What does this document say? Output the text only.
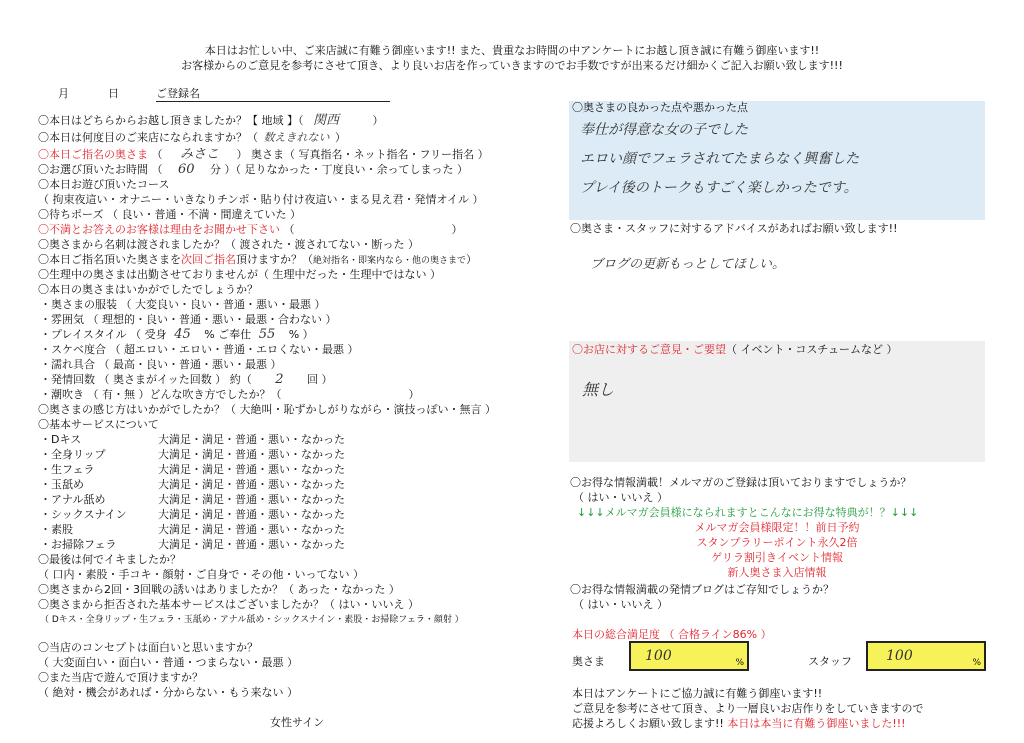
本日はお忙しい中、ご来店誠に有難う御座います!! また、貴重なお時間の中アンケートにお越し頂き誠に有難う御座います!!
お客様からのご意見を参考にさせて頂き、より良いお店を作っていきますのでお手数ですが出来るだけ細かくご記入お願い致します!!!
月	日	ご登録名
〇本日はどちらからお越し頂きましたか？【 地域 】（ 関西	）
〇本日は何度目のご来店になられますか？（ 数えきれない ）
〇本日ご指名の奥さま （ みさこ ） 奥さま（ 写真指名・ネット指名・フリー指名 ）
〇お選び頂いたお時間 （ 60 分 ）（ 足りなかった・丁度良い・余ってしまった ）
〇本日お遊び頂いたコース
（ 拘束夜這い・オナニー・いきなりチンポ・貼り付け夜這い・まる見え君・発情オイル ）
〇待ちポーズ （ 良い・普通・不満・間違えていた ）
〇不満とお答えのお客様は理由をお聞かせ下さい （	）
〇奥さまから名刺は渡されましたか？（ 渡された・渡されてない・断った ）
〇本日ご指名頂いた奥さまを次回ご指名頂けますか？（絶対指名・即案内なら・他の奥さまで）
〇生理中の奥さまは出勤させておりませんが（ 生理中だった・生理中ではない ）
〇本日の奥さまはいかがでしたでしょうか？
・奥さまの服装 （ 大変良い・良い・普通・悪い・最悪 ）
・雰囲気 （ 理想的・良い・普通・悪い・最悪・合わない ）
・プレイスタイル （ 受身 45 % ご奉仕 55 % ）
・スケベ度合 （ 超エロい・エロい・普通・エロくない・最悪 ）
・濡れ具合 （ 最高・良い・普通・悪い・最悪 ）
・発情回数 （ 奥さまがイッた回数 ） 約（ 2 回 ）
・潮吹き （ 有・無 ）どんな吹き方でしたか？（	）
〇奥さまの感じ方はいかがでしたか？（ 大絶叫・恥ずかしがりながら・演技っぽい・無言 ）
〇基本サービスについて
・Dキス	大満足・満足・普通・悪い・なかった
・全身リップ	大満足・満足・普通・悪い・なかった
・生フェラ	大満足・満足・普通・悪い・なかった
・玉舐め	大満足・満足・普通・悪い・なかった
・アナル舐め	大満足・満足・普通・悪い・なかった
・シックスナイン	大満足・満足・普通・悪い・なかった
・素股	大満足・満足・普通・悪い・なかった
・お掃除フェラ	大満足・満足・普通・悪い・なかった
〇最後は何でイキましたか？
（ 口内・素股・手コキ・顔射・ご自身で・その他・いってない ）
〇奥さまから2回・3回戦の誘いはありましたか？（ あった・なかった ）
〇奥さまから拒否された基本サービスはございましたか？（ はい・いいえ ）
（ Dキス・全身リップ・生フェラ・玉舐め・アナル舐め・シックスナイン・素股・お掃除フェラ・顔射 ）
〇当店のコンセプトは面白いと思いますか？
（ 大変面白い・面白い・普通・つまらない・最悪 ）
〇また当店で遊んで頂けますか？
（ 絶対・機会があれば・分からない・もう来ない ）
女性サイン
〇奥さまの良かった点や悪かった点
奉仕が得意な女の子でした
エロい顔でフェラされてたまらなく興奮した
プレイ後のトークもすごく楽しかったです。
〇奥さま・スタッフに対するアドバイスがあればお願い致します!!
ブログの更新もっとしてほしい。
〇お店に対するご意見・ご要望（ イベント・コスチュームなど ）
無し
〇お得な情報満載！メルマガのご登録は頂いておりますでしょうか？
（ はい・いいえ ）
↓↓↓メルマガ会員様になられますとこんなにお得な特典が！？↓↓↓
メルマガ会員様限定！！前日予約
スタンプラリーポイント永久2倍
ゲリラ割引きイベント情報
新人奥さま入店情報
〇お得な情報満載の発情ブログはご存知でしょうか？
（ はい・いいえ ）
本日の総合満足度 （ 合格ライン86% ）
奥さま	100	%	スタッフ 100	%
本日はアンケートにご協力誠に有難う御座います!!
ご意見を参考にさせて頂き、より一層良いお店作りをしていきますので
応援よろしくお願い致します!! 本日は本当に有難う御座いました!!!
